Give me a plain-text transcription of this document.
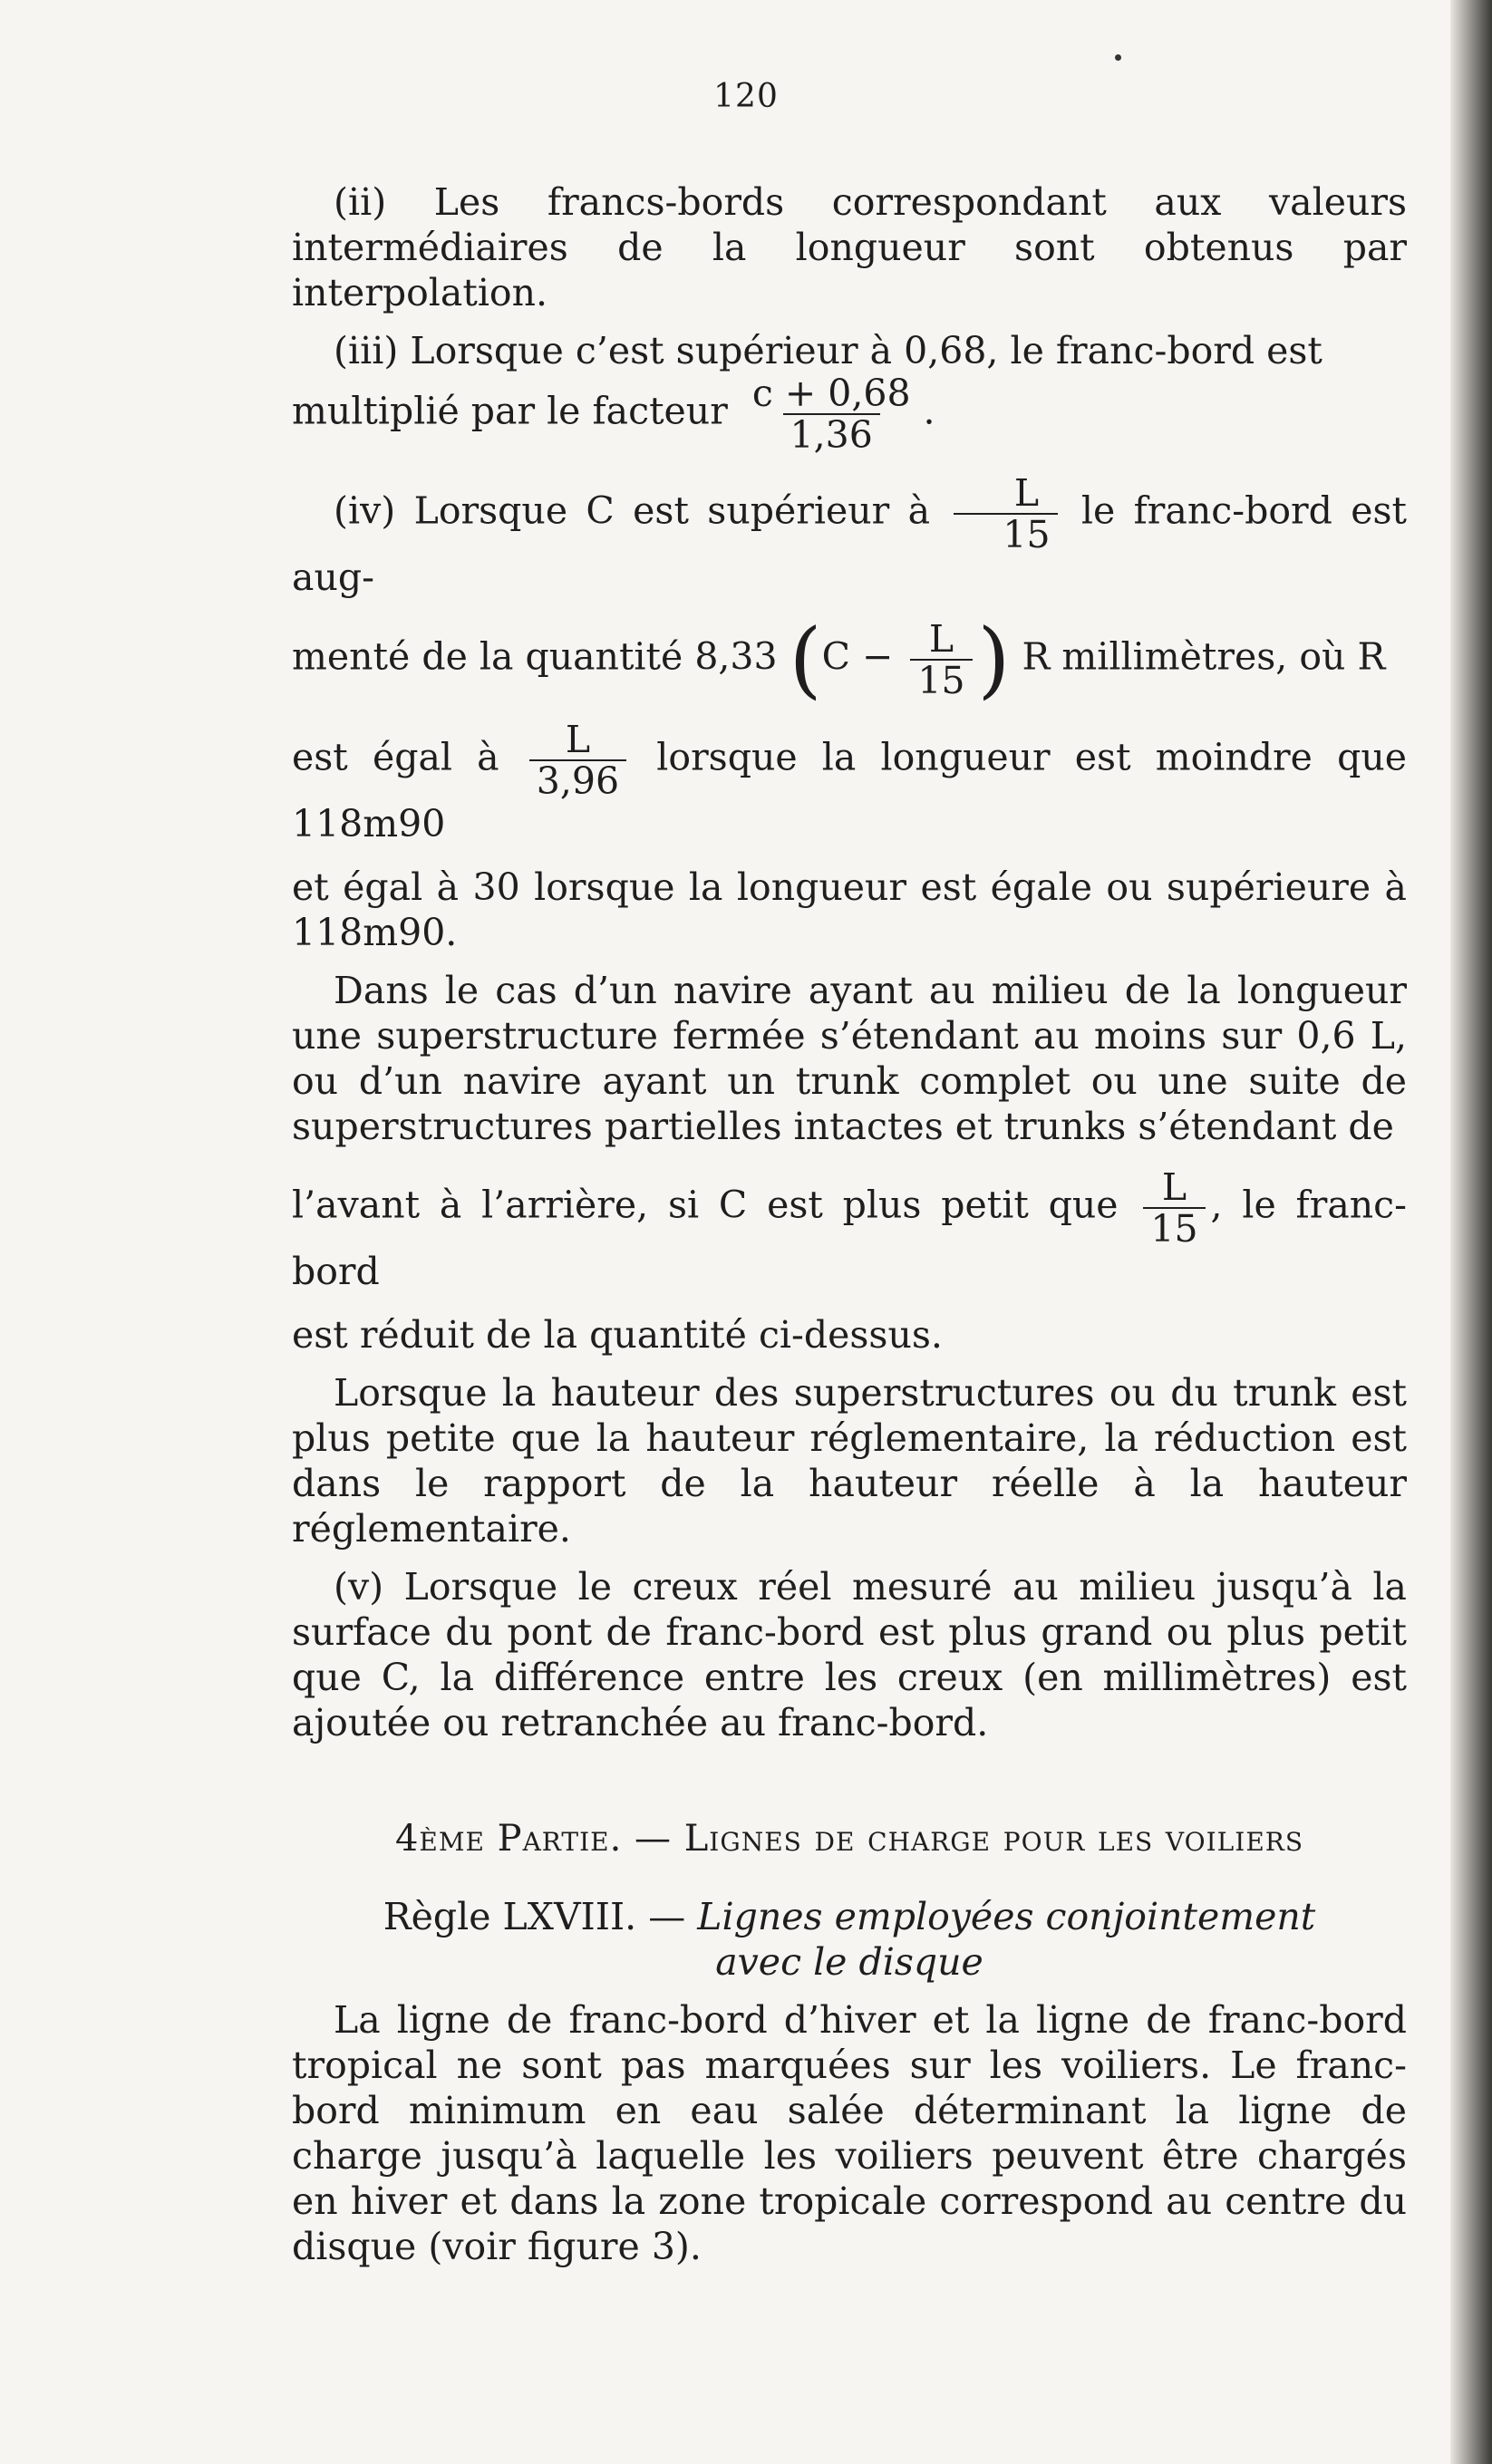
120

(ii) Les francs-bords correspondant aux valeurs intermédiaires de la longueur sont obtenus par interpolation.

(iii) Lorsque c’est supérieur à 0,68, le franc-bord est

multiplié par le facteur $\frac{c + 0,68}{1,36}$ .

(iv) Lorsque C est supérieur à $\frac{L}{15}$ le franc-bord est aug-

menté de la quantité 8,33 ($C - \frac{L}{15}$ ) R millimètres, où R

est égal à $\frac{L}{3,96}$ lorsque la longueur est moindre que 118m90

et égal à 30 lorsque la longueur est égale ou supérieure à 118m90.

Dans le cas d’un navire ayant au milieu de la longueur une superstructure fermée s’étendant au moins sur 0,6 L, ou d’un navire ayant un trunk complet ou une suite de superstructures partielles intactes et trunks s’étendant de

l’avant à l’arrière, si C est plus petit que $\frac{L}{15}$ , le franc-bord

est réduit de la quantité ci-dessus.

Lorsque la hauteur des superstructures ou du trunk est plus petite que la hauteur réglementaire, la réduction est dans le rapport de la hauteur réelle à la hauteur réglementaire.

(v) Lorsque le creux réel mesuré au milieu jusqu’à la surface du pont de franc-bord est plus grand ou plus petit que C, la différence entre les creux (en millimètres) est ajoutée ou retranchée au franc-bord.

4ème Partie. — Lignes de charge pour les voiliers
Règle LXVIII. — Lignes employées conjointement
avec le disque

La ligne de franc-bord d’hiver et la ligne de franc-bord tropical ne sont pas marquées sur les voiliers. Le franc-bord minimum en eau salée déterminant la ligne de charge jusqu’à laquelle les voiliers peuvent être chargés en hiver et dans la zone tropicale correspond au centre du disque (voir figure 3).
